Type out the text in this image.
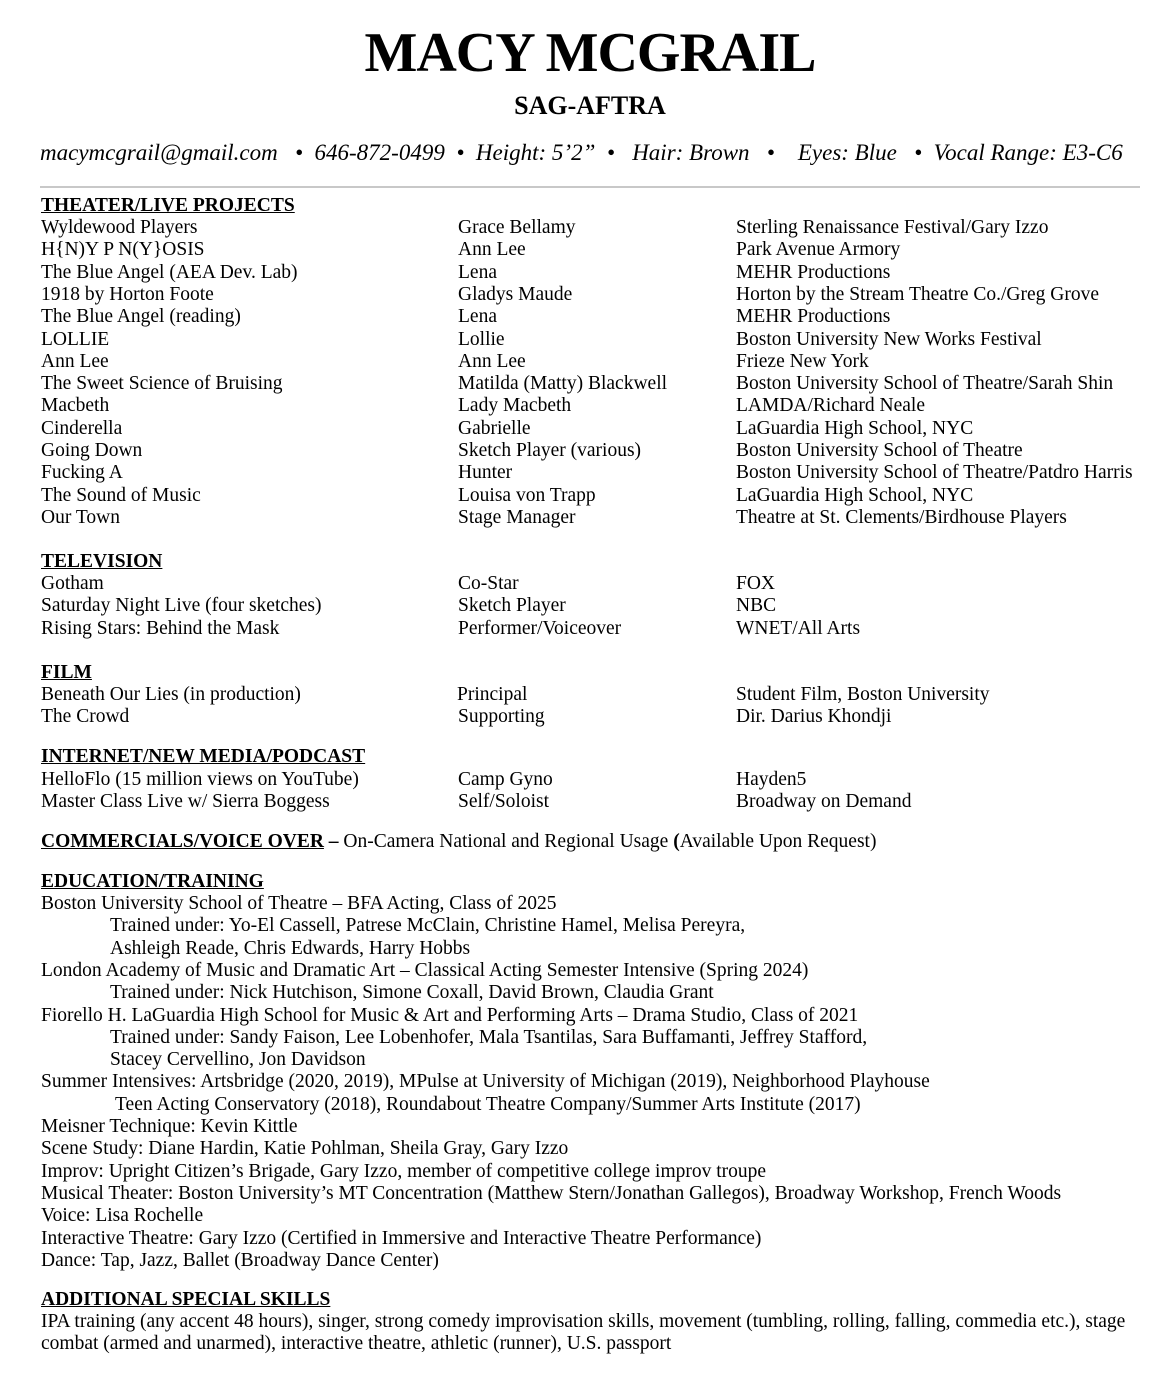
MACY MCGRAIL
SAG-AFTRA
macymcgrail@gmail.com   •  646-872-0499  •  Height: 5’2”  •   Hair: Brown   •    Eyes: Blue   •  Vocal Range: E3-C6
THEATER/LIVE PROJECTS
Wyldewood Players	Grace Bellamy	Sterling Renaissance Festival/Gary Izzo
H{N)Y P N(Y}OSIS	Ann Lee	Park Avenue Armory
The Blue Angel (AEA Dev. Lab)	Lena	MEHR Productions
1918 by Horton Foote	Gladys Maude	Horton by the Stream Theatre Co./Greg Grove
The Blue Angel (reading)	Lena	MEHR Productions
LOLLIE	Lollie	Boston University New Works Festival
Ann Lee	Ann Lee	Frieze New York
The Sweet Science of Bruising	Matilda (Matty) Blackwell	Boston University School of Theatre/Sarah Shin
Macbeth	Lady Macbeth	LAMDA/Richard Neale
Cinderella	Gabrielle	LaGuardia High School, NYC
Going Down	Sketch Player (various)	Boston University School of Theatre
Fucking A	Hunter	Boston University School of Theatre/Patdro Harris
The Sound of Music	Louisa von Trapp	LaGuardia High School, NYC
Our Town	Stage Manager	Theatre at St. Clements/Birdhouse Players
TELEVISION
Gotham	Co-Star	FOX
Saturday Night Live (four sketches)	Sketch Player	NBC
Rising Stars: Behind the Mask	Performer/Voiceover	WNET/All Arts
FILM
Beneath Our Lies (in production)	Principal	Student Film, Boston University
The Crowd	Supporting	Dir. Darius Khondji
INTERNET/NEW MEDIA/PODCAST
HelloFlo (15 million views on YouTube)	Camp Gyno	Hayden5
Master Class Live w/ Sierra Boggess	Self/Soloist	Broadway on Demand
COMMERCIALS/VOICE OVER – On-Camera National and Regional Usage (Available Upon Request)
EDUCATION/TRAINING
Boston University School of Theatre – BFA Acting, Class of 2025
Trained under: Yo-El Cassell, Patrese McClain, Christine Hamel, Melisa Pereyra,
Ashleigh Reade, Chris Edwards, Harry Hobbs
London Academy of Music and Dramatic Art – Classical Acting Semester Intensive (Spring 2024)
Trained under: Nick Hutchison, Simone Coxall, David Brown, Claudia Grant
Fiorello H. LaGuardia High School for Music & Art and Performing Arts – Drama Studio, Class of 2021
Trained under: Sandy Faison, Lee Lobenhofer, Mala Tsantilas, Sara Buffamanti, Jeffrey Stafford,
Stacey Cervellino, Jon Davidson
Summer Intensives: Artsbridge (2020, 2019), MPulse at University of Michigan (2019), Neighborhood Playhouse
Teen Acting Conservatory (2018), Roundabout Theatre Company/Summer Arts Institute (2017)
Meisner Technique: Kevin Kittle
Scene Study: Diane Hardin, Katie Pohlman, Sheila Gray, Gary Izzo
Improv: Upright Citizen’s Brigade, Gary Izzo, member of competitive college improv troupe
Musical Theater: Boston University’s MT Concentration (Matthew Stern/Jonathan Gallegos), Broadway Workshop, French Woods
Voice: Lisa Rochelle
Interactive Theatre: Gary Izzo (Certified in Immersive and Interactive Theatre Performance)
Dance: Tap, Jazz, Ballet (Broadway Dance Center)
ADDITIONAL SPECIAL SKILLS
IPA training (any accent 48 hours), singer, strong comedy improvisation skills, movement (tumbling, rolling, falling, commedia etc.), stage
combat (armed and unarmed), interactive theatre, athletic (runner), U.S. passport
